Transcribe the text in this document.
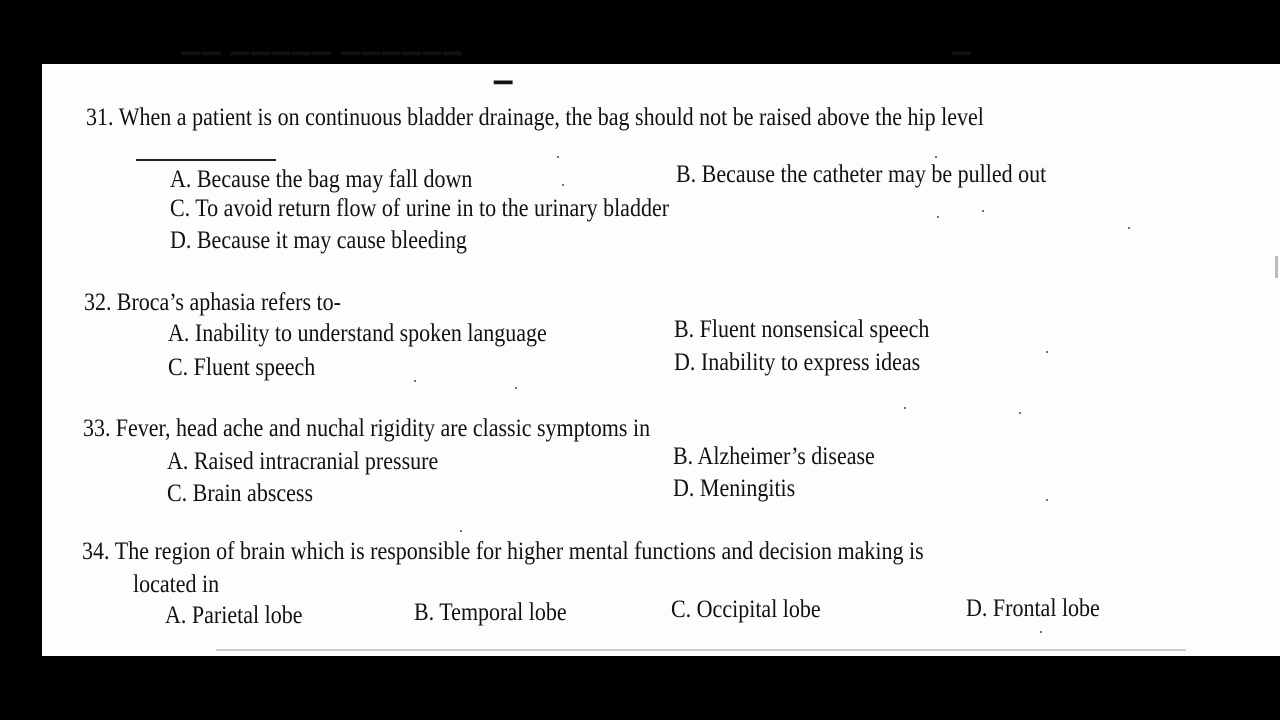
▔▔ ▔▔▔▔▔ ▔▔▔▔▔▔                                                             ▔                                        ▔
31. When a patient is on continuous bladder drainage, the bag should not be raised above the hip level
A. Because the bag may fall down	B. Because the catheter may be pulled out
C. To avoid return flow of urine in to the urinary bladder
D. Because it may cause bleeding
32. Broca’s aphasia refers to-
A. Inability to understand spoken language	B. Fluent nonsensical speech
C. Fluent speech	D. Inability to express ideas
33. Fever, head ache and nuchal rigidity are classic symptoms in
A. Raised intracranial pressure	B. Alzheimer’s disease
C. Brain abscess	D. Meningitis
34. The region of brain which is responsible for higher mental functions and decision making is
located in
A. Parietal lobe	B. Temporal lobe	C. Occipital lobe	D. Frontal lobe
